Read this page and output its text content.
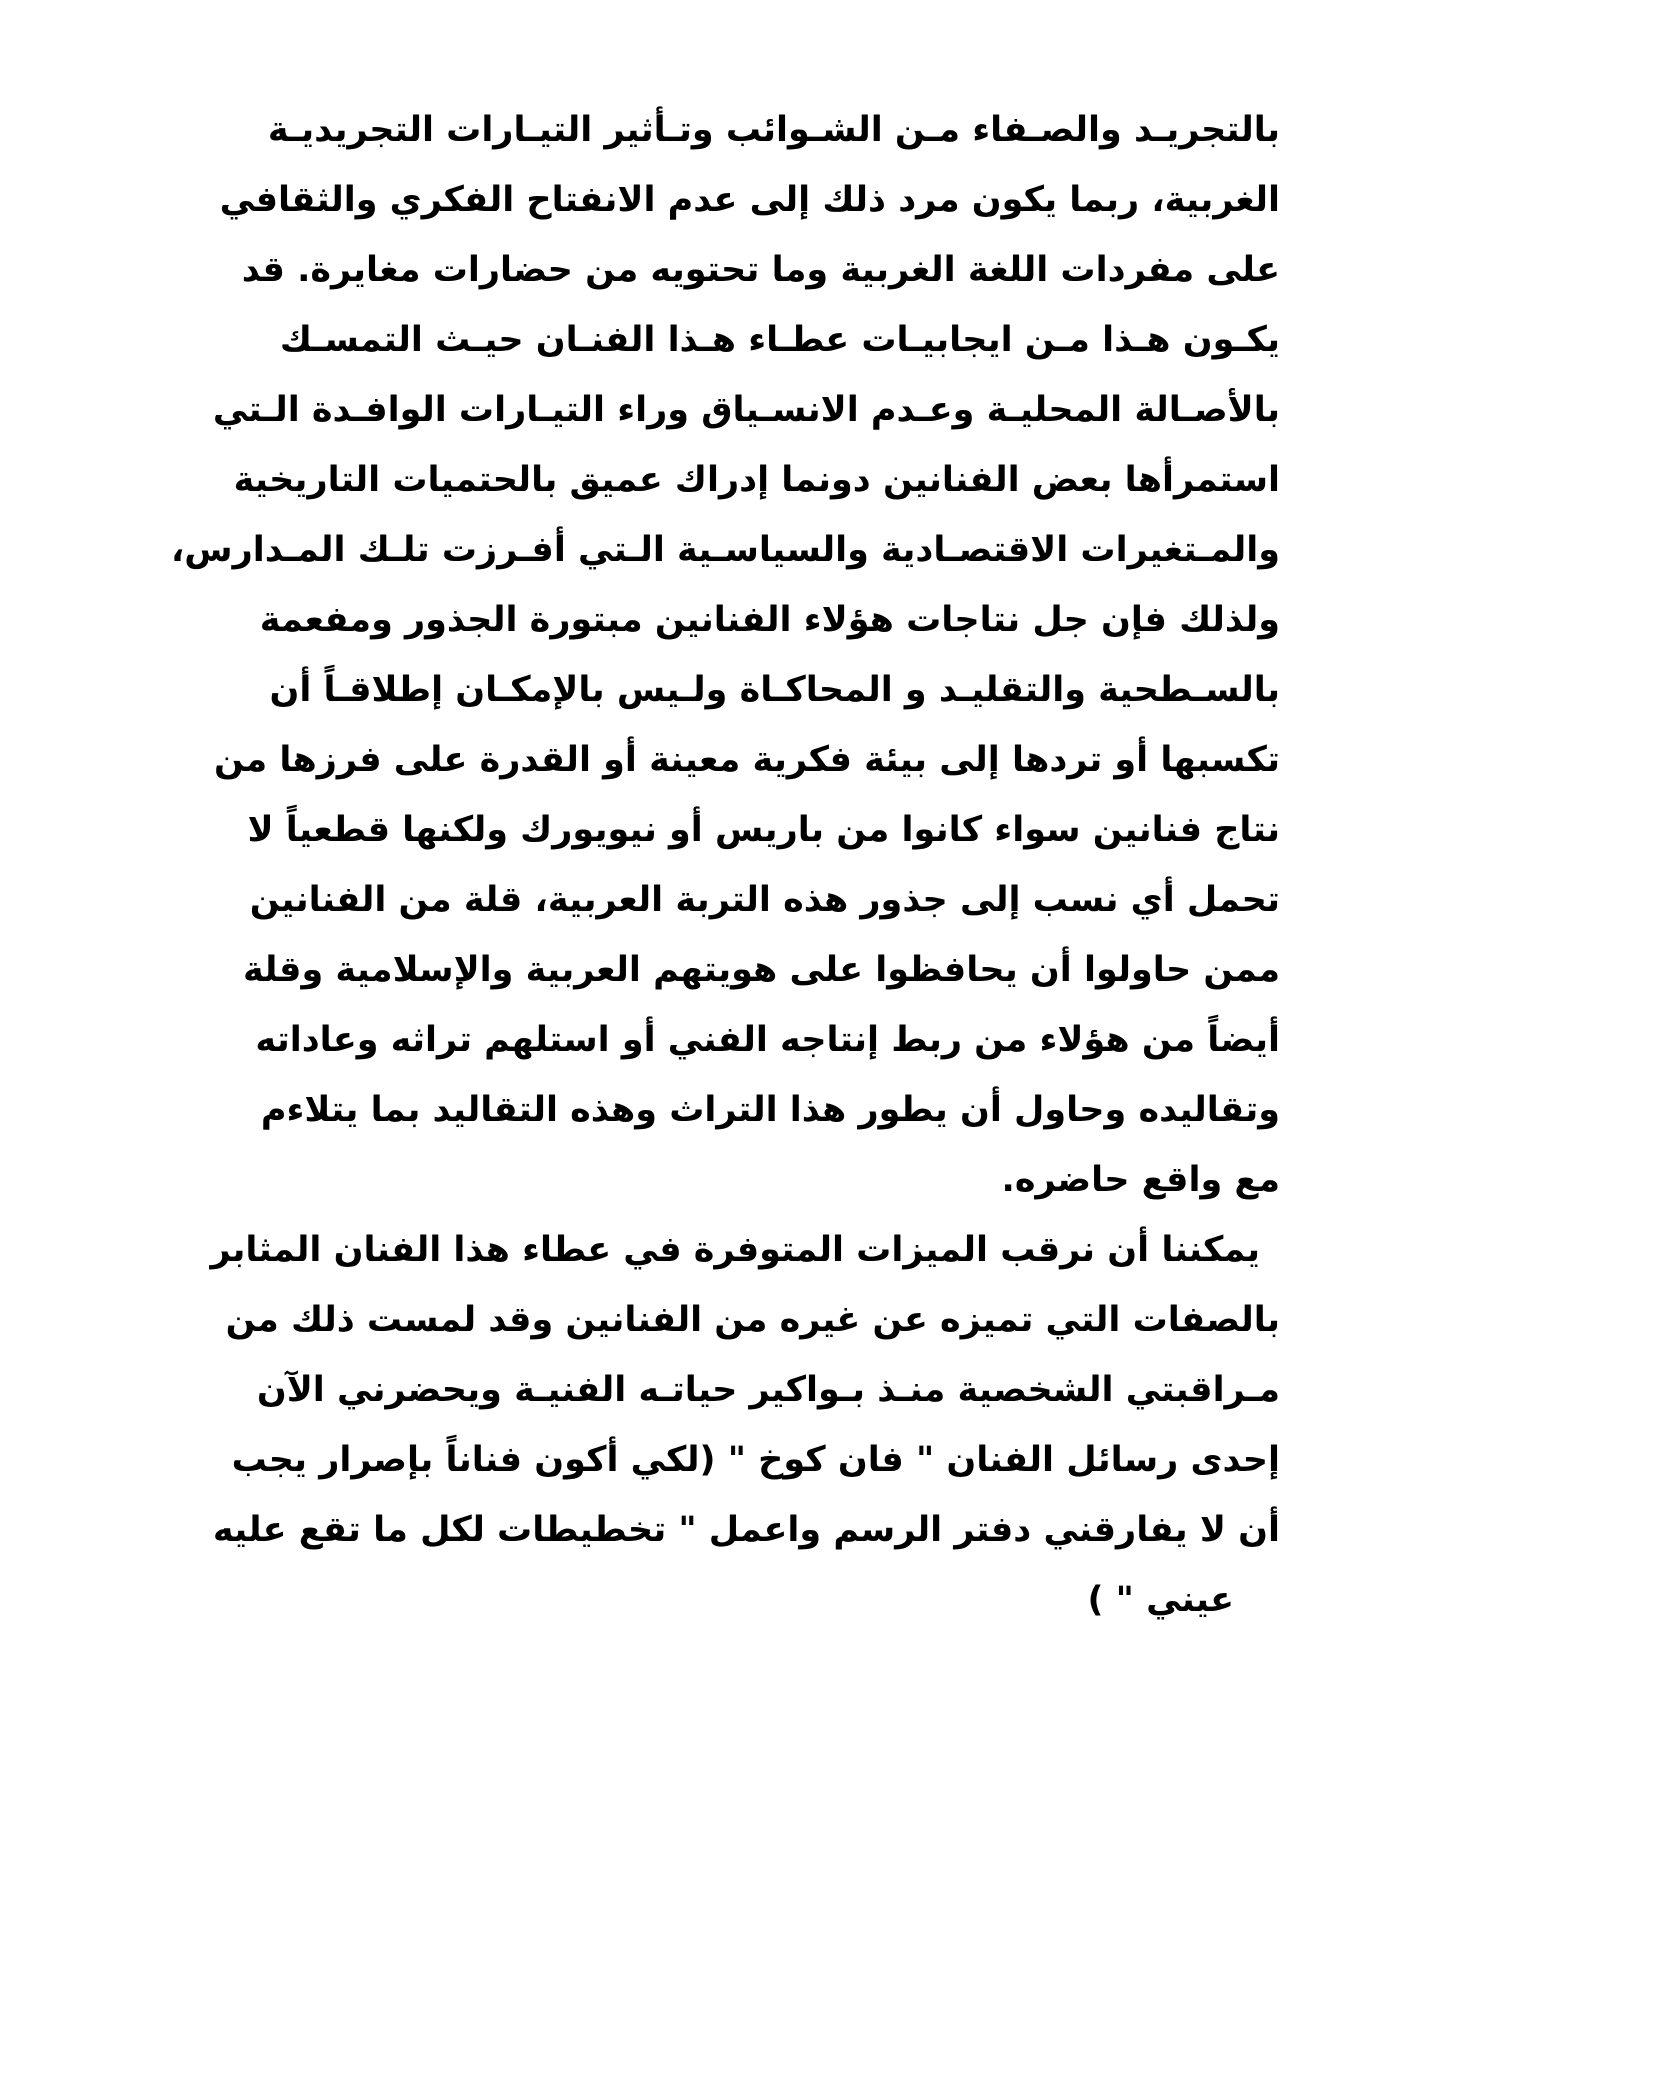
بالتجريـد والصـفاء مـن الشـوائب وتـأثير التيـارات التجريديـة
الغربية، ربما يكون مرد ذلك إلى عدم الانفتاح الفكري والثقافي
على مفردات اللغة الغربية وما تحتويه من حضارات مغايرة. قد
يكـون هـذا مـن ايجابيـات عطـاء هـذا الفنـان حيـث التمسـك
بالأصـالة المحليـة وعـدم الانسـياق وراء التيـارات الوافـدة الـتي
استمرأها بعض الفنانين دونما إدراك عميق بالحتميات التاريخية
والمـتغيرات الاقتصـادية والسياسـية الـتي أفـرزت تلـك المـدارس،
ولذلك فإن جل نتاجات هؤلاء الفنانين مبتورة الجذور ومفعمة
بالسـطحية والتقليـد و المحاكـاة ولـيس بالإمكـان إطلاقـاً أن
تكسبها أو تردها إلى بيئة فكرية معينة أو القدرة على فرزها من
نتاج فنانين سواء كانوا من باريس أو نيويورك ولكنها قطعياً لا
تحمل أي نسب إلى جذور هذه التربة العربية، قلة من الفنانين
ممن حاولوا أن يحافظوا على هويتهم العربية والإسلامية وقلة
أيضاً من هؤلاء من ربط إنتاجه الفني أو استلهم تراثه وعاداته
وتقاليده وحاول أن يطور هذا التراث وهذه التقاليد بما يتلاءم
مع واقع حاضره.
يمكننا أن نرقب الميزات المتوفرة في عطاء هذا الفنان المثابر
بالصفات التي تميزه عن غيره من الفنانين وقد لمست ذلك من
مـراقبتي الشخصية منـذ بـواكير حياتـه الفنيـة ويحضرني الآن
إحدى رسائل الفنان " فان كوخ " (لكي أكون فناناً بإصرار يجب
أن لا يفارقني دفتر الرسم واعمل " تخطيطات لكل ما تقع عليه
عيني " )
